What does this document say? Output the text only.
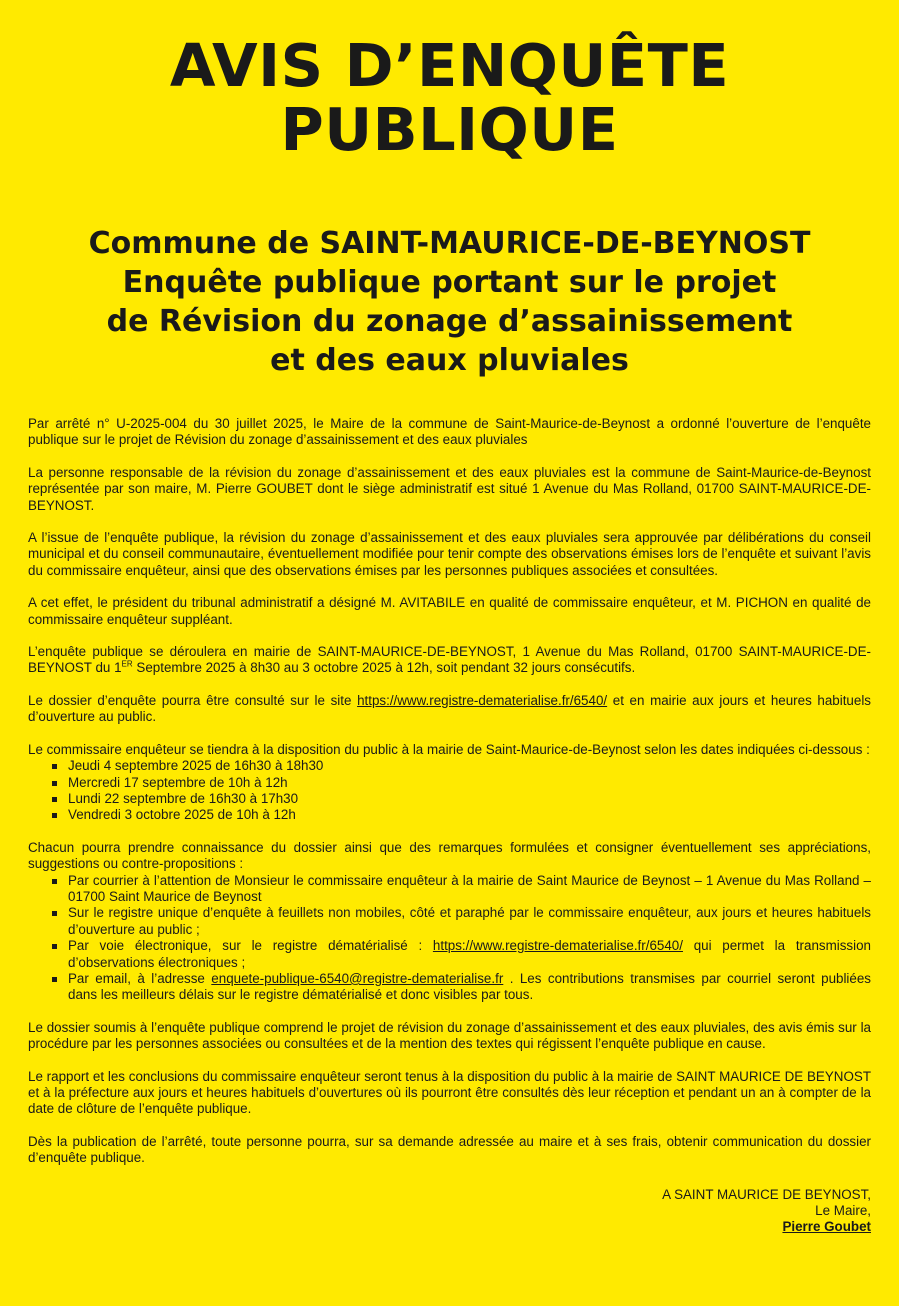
AVIS D’ENQUÊTE
PUBLIQUE
Commune de SAINT-MAURICE-DE-BEYNOST
Enquête publique portant sur le projet
de Révision du zonage d’assainissement
et des eaux pluviales

Par arrêté n° U-2025-004 du 30 juillet 2025, le Maire de la commune de Saint-Maurice-de-Beynost a ordonné l’ouverture de l’enquête publique sur le projet de Révision du zonage d’assainissement et des eaux pluviales

La personne responsable de la révision du zonage d’assainissement et des eaux pluviales est la commune de Saint-Maurice-de-Beynost représentée par son maire, M. Pierre GOUBET dont le siège administratif est situé 1 Avenue du Mas Rolland, 01700 SAINT-MAURICE-DE-BEYNOST.

A l’issue de l’enquête publique, la révision du zonage d’assainissement et des eaux pluviales sera approuvée par délibérations du conseil municipal et du conseil communautaire, éventuellement modifiée pour tenir compte des observations émises lors de l’enquête et suivant l’avis du commissaire enquêteur, ainsi que des observations émises par les personnes publiques associées et consultées.

A cet effet, le président du tribunal administratif a désigné M. AVITABILE en qualité de commissaire enquêteur, et M. PICHON en qualité de commissaire enquêteur suppléant.

L’enquête publique se déroulera en mairie de SAINT-MAURICE-DE-BEYNOST, 1 Avenue du Mas Rolland, 01700 SAINT-MAURICE-DE-BEYNOST du 1ER Septembre 2025 à 8h30 au 3 octobre 2025 à 12h, soit pendant 32 jours consécutifs.

Le dossier d’enquête pourra être consulté sur le site https://www.registre-dematerialise.fr/6540/ et en mairie aux jours et heures habituels d’ouverture au public.

Le commissaire enquêteur se tiendra à la disposition du public à la mairie de Saint-Maurice-de-Beynost selon les dates indiquées ci-dessous :
Jeudi 4 septembre 2025 de 16h30 à 18h30
Mercredi 17 septembre de 10h à 12h
Lundi 22 septembre de 16h30 à 17h30
Vendredi 3 octobre 2025 de 10h à 12h
Chacun pourra prendre connaissance du dossier ainsi que des remarques formulées et consigner éventuellement ses appréciations, suggestions ou contre-propositions :
Par courrier à l’attention de Monsieur le commissaire enquêteur à la mairie de Saint Maurice de Beynost – 1 Avenue du Mas Rolland – 01700 Saint Maurice de Beynost
Sur le registre unique d’enquête à feuillets non mobiles, côté et paraphé par le commissaire enquêteur, aux jours et heures habituels d’ouverture au public ;
Par voie électronique, sur le registre dématérialisé : https://www.registre-dematerialise.fr/6540/ qui permet la transmission d’observations électroniques ;
Par email, à l’adresse enquete-publique-6540@registre-dematerialise.fr . Les contributions transmises par courriel seront publiées dans les meilleurs délais sur le registre dématérialisé et donc visibles par tous.

Le dossier soumis à l’enquête publique comprend le projet de révision du zonage d’assainissement et des eaux pluviales, des avis émis sur la procédure par les personnes associées ou consultées et de la mention des textes qui régissent l’enquête publique en cause.

Le rapport et les conclusions du commissaire enquêteur seront tenus à la disposition du public à la mairie de SAINT MAURICE DE BEYNOST et à la préfecture aux jours et heures habituels d’ouvertures où ils pourront être consultés dès leur réception et pendant un an à compter de la date de clôture de l’enquête publique.

Dès la publication de l’arrêté, toute personne pourra, sur sa demande adressée au maire et à ses frais, obtenir communication du dossier d’enquête publique.

A SAINT MAURICE DE BEYNOST,
Le Maire,
Pierre Goubet
